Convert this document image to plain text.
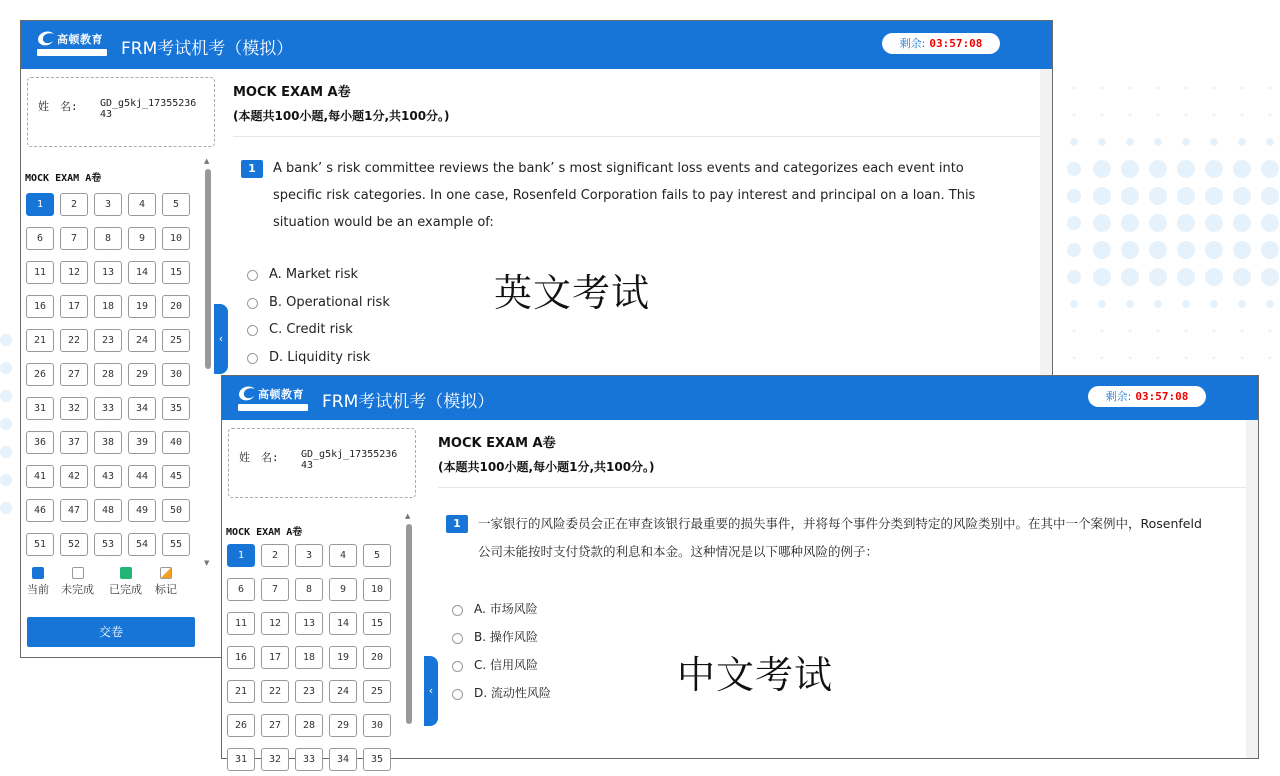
高顿教育 FRM考试机考（模拟）	剩余: 03:57:08
姓　名: GD_g5kj_1735523643
MOCK EXAM A卷
1	2	3	4	5
6	7	8	9	10
11	12	13	14	15
16	17	18	19	20
21	22	23	24	25
26	27	28	29	30
31	32	33	34	35
36	37	38	39	40
41	42	43	44	45
46	47	48	49	50
51	52	53	54	55
▲
▼
当前 未完成 已完成 标记
交卷
‹
MOCK EXAM A卷
(本题共100小题,每小题1分,共100分。)
1	A bank’ s risk committee reviews the bank’ s most significant loss events and categorizes each event into specific risk categories. In one case, Rosenfeld Corporation fails to pay interest and principal on a loan. This situation would be an example of:
A. Market risk
B. Operational risk
C. Credit risk
D. Liquidity risk
高顿教育 FRM考试机考（模拟）	剩余: 03:57:08
姓　名: GD_g5kj_1735523643
MOCK EXAM A卷
1	2	3	4	5
6	7	8	9	10
11	12	13	14	15
16	17	18	19	20
21	22	23	24	25
26	27	28	29	30
31	32	33	34	35
▲
‹
MOCK EXAM A卷
(本题共100小题,每小题1分,共100分。)
1	一家银行的风险委员会正在审查该银行最重要的损失事件，并将每个事件分类到特定的风险类别中。在其中一个案例中，Rosenfeld公司未能按时支付贷款的利息和本金。这种情况是以下哪种风险的例子：
A. 市场风险
B. 操作风险
C. 信用风险
D. 流动性风险
英文考试
中文考试
